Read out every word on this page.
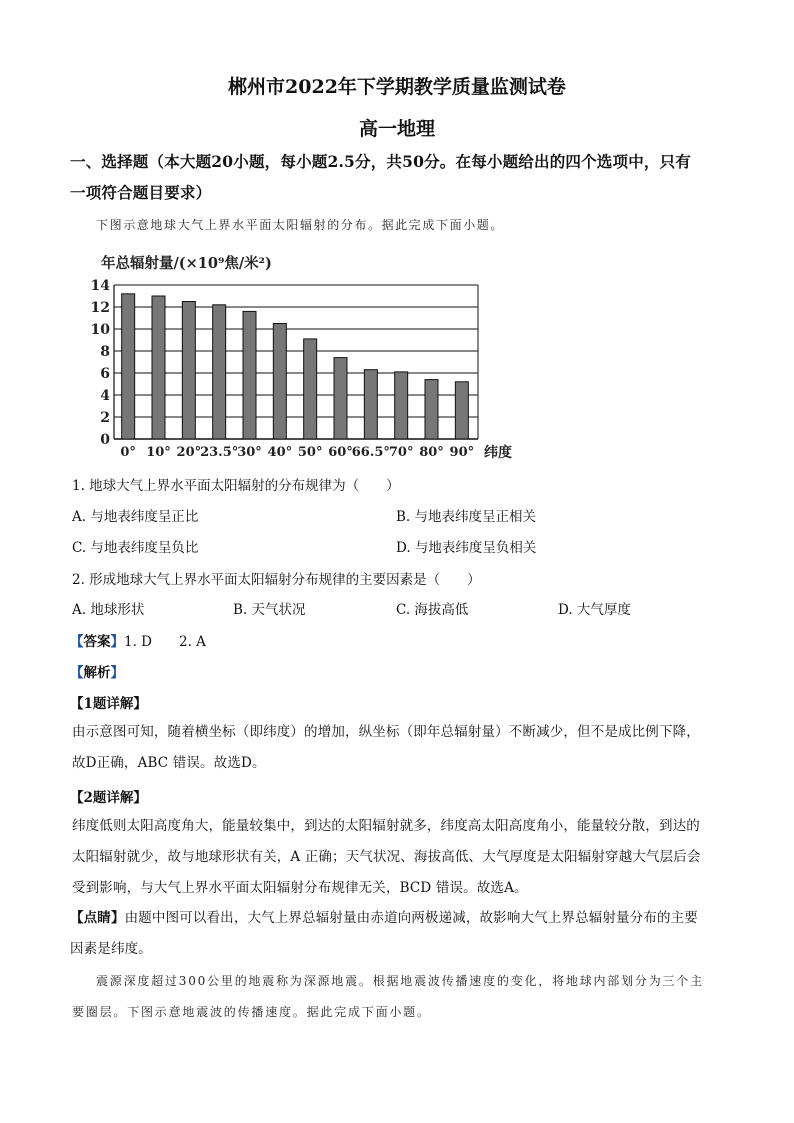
郴州市2022年下学期教学质量监测试卷
高一地理
一、选择题（本大题20小题，每小题2.5分，共50分。在每小题给出的四个选项中，只有
一项符合题目要求）
下图示意地球大气上界水平面太阳辐射的分布。据此完成下面小题。
0
2
4
6
8
10
12
14
0° 10° 20°
23.5°
30° 40° 50° 60°
66.5°
70° 80° 90°
年总辐射量/(×10⁹焦/米²)
纬度
1. 地球大气上界水平面太阳辐射的分布规律为（　　）
A. 与地表纬度呈正比	B. 与地表纬度呈正相关
C. 与地表纬度呈负比	D. 与地表纬度呈负相关
2. 形成地球大气上界水平面太阳辐射分布规律的主要因素是（　　）
A. 地球形状	B. 天气状况	C. 海拔高低	D. 大气厚度
【答案】1. D　　2. A
【解析】
【1题详解】
由示意图可知，随着横坐标（即纬度）的增加，纵坐标（即年总辐射量）不断减少，但不是成比例下降，
故D正确，ABC 错误。故选D。
【2题详解】
纬度低则太阳高度角大，能量较集中，到达的太阳辐射就多，纬度高太阳高度角小，能量较分散，到达的
太阳辐射就少，故与地球形状有关，A 正确；天气状况、海拔高低、大气厚度是太阳辐射穿越大气层后会
受到影响，与大气上界水平面太阳辐射分布规律无关，BCD 错误。故选A。
【点睛】由题中图可以看出，大气上界总辐射量由赤道向两极递减，故影响大气上界总辐射量分布的主要
因素是纬度。
震源深度超过300公里的地震称为深源地震。根据地震波传播速度的变化，将地球内部划分为三个主
要圈层。下图示意地震波的传播速度。据此完成下面小题。
